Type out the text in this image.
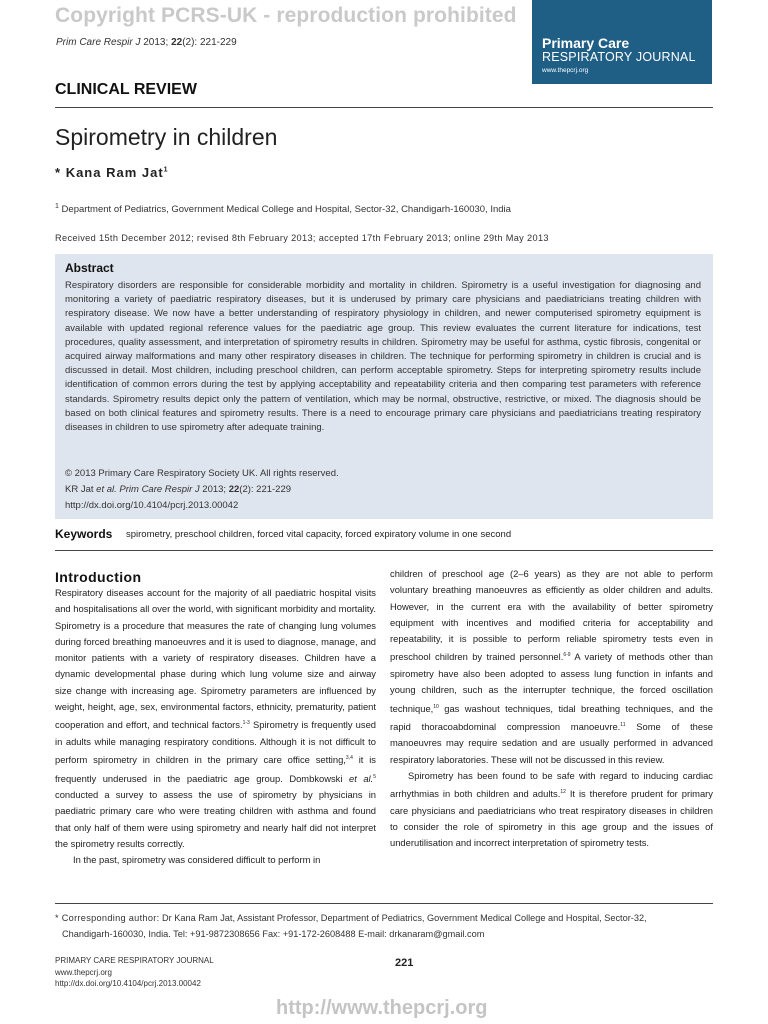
Copyright PCRS-UK - reproduction prohibited
Prim Care Respir J 2013; 22(2): 221-229	Primary Care
RESPIRATORY JOURNAL
www.thepcrj.org
CLINICAL REVIEW
Spirometry in children
* Kana Ram Jat$^1$
$^1$ Department of Pediatrics, Government Medical College and Hospital, Sector-32, Chandigarh-160030, India
Received 15th December 2012; revised 8th February 2013; accepted 17th February 2013; online 29th May 2013
Abstract

Respiratory disorders are responsible for considerable morbidity and mortality in children. Spirometry is a useful investigation for diagnosing and monitoring a variety of paediatric respiratory diseases, but it is underused by primary care physicians and paediatricians treating children with respiratory disease. We now have a better understanding of respiratory physiology in children, and newer computerised spirometry equipment is available with updated regional reference values for the paediatric age group. This review evaluates the current literature for indications, test procedures, quality assessment, and interpretation of spirometry results in children. Spirometry may be useful for asthma, cystic fibrosis, congenital or acquired airway malformations and many other respiratory diseases in children. The technique for performing spirometry in children is crucial and is discussed in detail. Most children, including preschool children, can perform acceptable spirometry. Steps for interpreting spirometry results include identification of common errors during the test by applying acceptability and repeatability criteria and then comparing test parameters with reference standards. Spirometry results depict only the pattern of ventilation, which may be normal, obstructive, restrictive, or mixed. The diagnosis should be based on both clinical features and spirometry results. There is a need to encourage primary care physicians and paediatricians treating respiratory diseases in children to use spirometry after adequate training.

© 2013 Primary Care Respiratory Society UK. All rights reserved.
KR Jat et al. Prim Care Respir J 2013; 22(2): 221-229
http://dx.doi.org/10.4104/pcrj.2013.00042
Keywords spirometry, preschool children, forced vital capacity, forced expiratory volume in one second
Introduction

Respiratory diseases account for the majority of all paediatric hospital visits and hospitalisations all over the world, with significant morbidity and mortality. Spirometry is a procedure that measures the rate of changing lung volumes during forced breathing manoeuvres and it is used to diagnose, manage, and monitor patients with a variety of respiratory diseases. Children have a dynamic developmental phase during which lung volume size and airway size change with increasing age. Spirometry parameters are influenced by weight, height, age, sex, environmental factors, ethnicity, prematurity, patient cooperation and effort, and technical factors.$^{1-3}$ Spirometry is frequently used in adults while managing respiratory conditions. Although it is not difficult to perform spirometry in children in the primary care office setting,$^{3,4}$ it is frequently underused in the paediatric age group. Dombkowski et al.$^5$ conducted a survey to assess the use of spirometry by physicians in paediatric primary care who were treating children with asthma and found that only half of them were using spirometry and nearly half did not interpret the spirometry results correctly.

In the past, spirometry was considered difficult to perform in

children of preschool age (2–6 years) as they are not able to perform voluntary breathing manoeuvres as efficiently as older children and adults. However, in the current era with the availability of better spirometry equipment with incentives and modified criteria for acceptability and repeatability, it is possible to perform reliable spirometry tests even in preschool children by trained personnel.$^{6-9}$ A variety of methods other than spirometry have also been adopted to assess lung function in infants and young children, such as the interrupter technique, the forced oscillation technique,$^{10}$ gas washout techniques, tidal breathing techniques, and the rapid thoracoabdominal compression manoeuvre.$^{11}$ Some of these manoeuvres may require sedation and are usually performed in advanced respiratory laboratories. These will not be discussed in this review.

Spirometry has been found to be safe with regard to inducing cardiac arrhythmias in both children and adults.$^{12}$ It is therefore prudent for primary care physicians and paediatricians who treat respiratory diseases in children to consider the role of spirometry in this age group and the issues of underutilisation and incorrect interpretation of spirometry tests.

* Corresponding author: Dr Kana Ram Jat, Assistant Professor, Department of Pediatrics, Government Medical College and Hospital, Sector-32,
Chandigarh-160030, India. Tel: +91-9872308656 Fax: +91-172-2608488 E-mail: drkanaram@gmail.com
PRIMARY CARE RESPIRATORY JOURNAL
www.thepcrj.org
http://dx.doi.org/10.4104/pcrj.2013.00042
221
http://www.thepcrj.org
